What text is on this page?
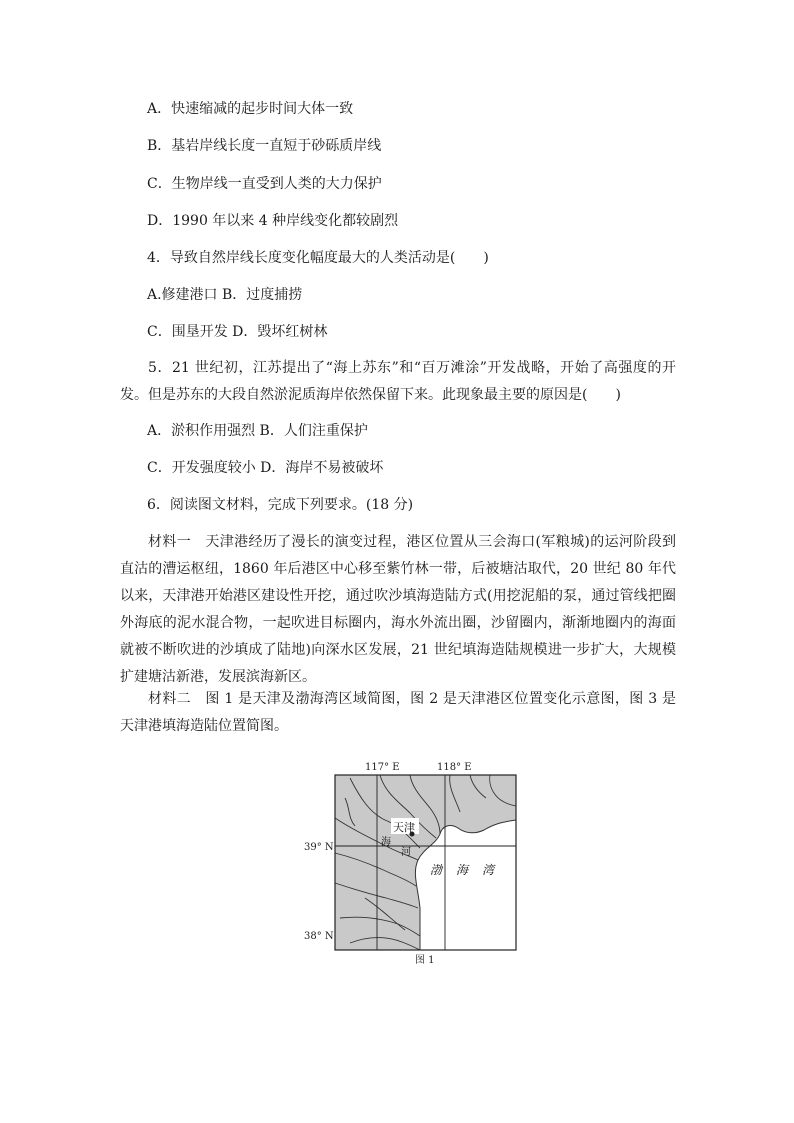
A．快速缩减的起步时间大体一致
B．基岩岸线长度一直短于砂砾质岸线
C．生物岸线一直受到人类的大力保护
D．1990 年以来 4 种岸线变化都较剧烈
4．导致自然岸线长度变化幅度最大的人类活动是(　　)
A.修建港口 B．过度捕捞
C．围垦开发 D．毁坏红树林
5．21 世纪初，江苏提出了“海上苏东”和“百万滩涂”开发战略，开始了高强度的开发。但是苏东的大段自然淤泥质海岸依然保留下来。此现象最主要的原因是(　　)
A．淤积作用强烈 B．人们注重保护
C．开发强度较小 D．海岸不易被破坏
6．阅读图文材料，完成下列要求。(18 分)
材料一　天津港经历了漫长的演变过程，港区位置从三会海口(军粮城)的运河阶段到直沽的漕运枢纽，1860 年后港区中心移至紫竹林一带，后被塘沽取代，20 世纪 80 年代以来，天津港开始港区建设性开挖，通过吹沙填海造陆方式(用挖泥船的泵，通过管线把圈外海底的泥水混合物，一起吹进目标圈内，海水外流出圈，沙留圈内，渐渐地圈内的海面就被不断吹进的沙填成了陆地)向深水区发展，21 世纪填海造陆规模进一步扩大，大规模扩建塘沽新港，发展滨海新区。
材料二　图 1 是天津及渤海湾区域简图，图 2 是天津港区位置变化示意图，图 3 是天津港填海造陆位置简图。
117° E	118° E
39° N
38° N
天津
海
河
渤 海 湾
图 1
